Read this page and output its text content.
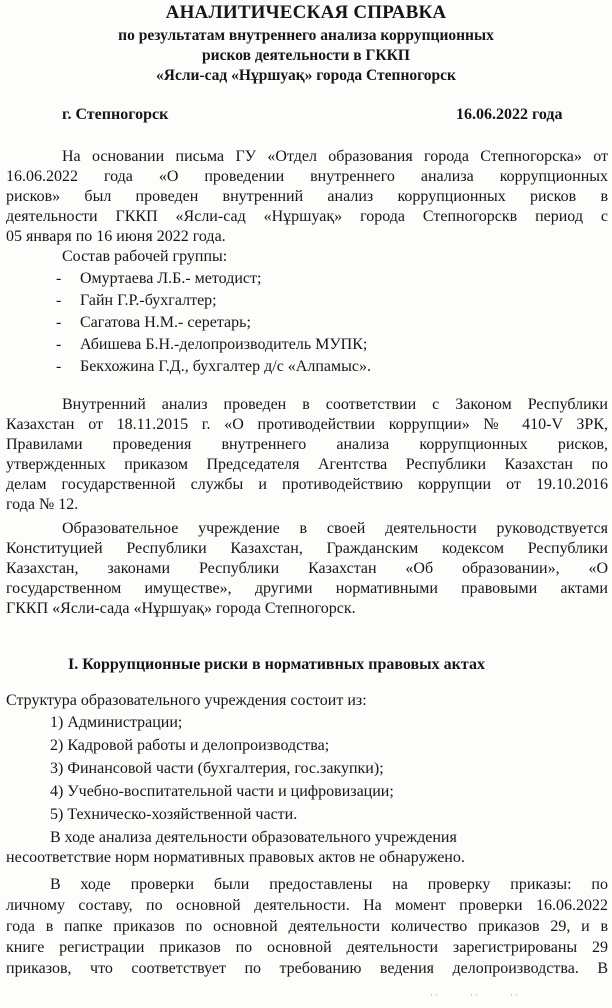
АНАЛИТИЧЕСКАЯ СПРАВКА
по результатам внутреннего анализа коррупционных
рисков деятельности в ГККП
«Ясли-сад «Нұршуақ» города Степногорск
г. Степногорск	16.06.2022 года
На основании письма ГУ «Отдел образования города Степногорска» от
16.06.2022 года «О проведении внутреннего анализа коррупционных
рисков» был проведен внутренний анализ коррупционных рисков в
деятельности ГККП «Ясли-сад «Нұршуақ» города Степногорскв период с
05 января по 16 июня 2022 года.
Состав рабочей группы:
- Омуртаева Л.Б.- методист;
- Гайн Г.Р.-бухгалтер;
- Сагатова Н.М.- серетарь;
- Абишева Б.Н.-делопроизводитель МУПК;
- Бекхожина Г.Д., бухгалтер д/с «Алпамыс».
Внутренний анализ проведен в соответствии с Законом Республики
Казахстан от 18.11.2015 г. «О противодействии коррупции» № 410-V ЗРК,
Правилами проведения внутреннего анализа коррупционных рисков,
утвержденных приказом Председателя Агентства Республики Казахстан по
делам государственной службы и противодействию коррупции от 19.10.2016
года № 12.
Образовательное учреждение в своей деятельности руководствуется
Конституцией Республики Казахстан, Гражданским кодексом Республики
Казахстан, законами Республики Казахстан «Об образовании», «О
государственном имуществе», другими нормативными правовыми актами
ГККП «Ясли-сада «Нұршуақ» города Степногорск.
I. Коррупционные риски в нормативных правовых актах
Структура образовательного учреждения состоит из:
1) Администрации;
2) Кадровой работы и делопроизводства;
3) Финансовой части (бухгалтерия, гос.закупки);
4) Учебно-воспитательной части и цифровизации;
5) Техническо-хозяйственной части.
В ходе анализа деятельности образовательного учреждения
несоответствие норм нормативных правовых актов не обнаружено.
В ходе проверки были предоставлены на проверку приказы: по
личному составу, по основной деятельности. На момент проверки 16.06.2022
года в папке приказов по основной деятельности количество приказов 29, и в
книге регистрации приказов по основной деятельности зарегистрированы 29
приказов, что соответствует по требованию ведения делопроизводства. В
· ·	· ·	· ·
